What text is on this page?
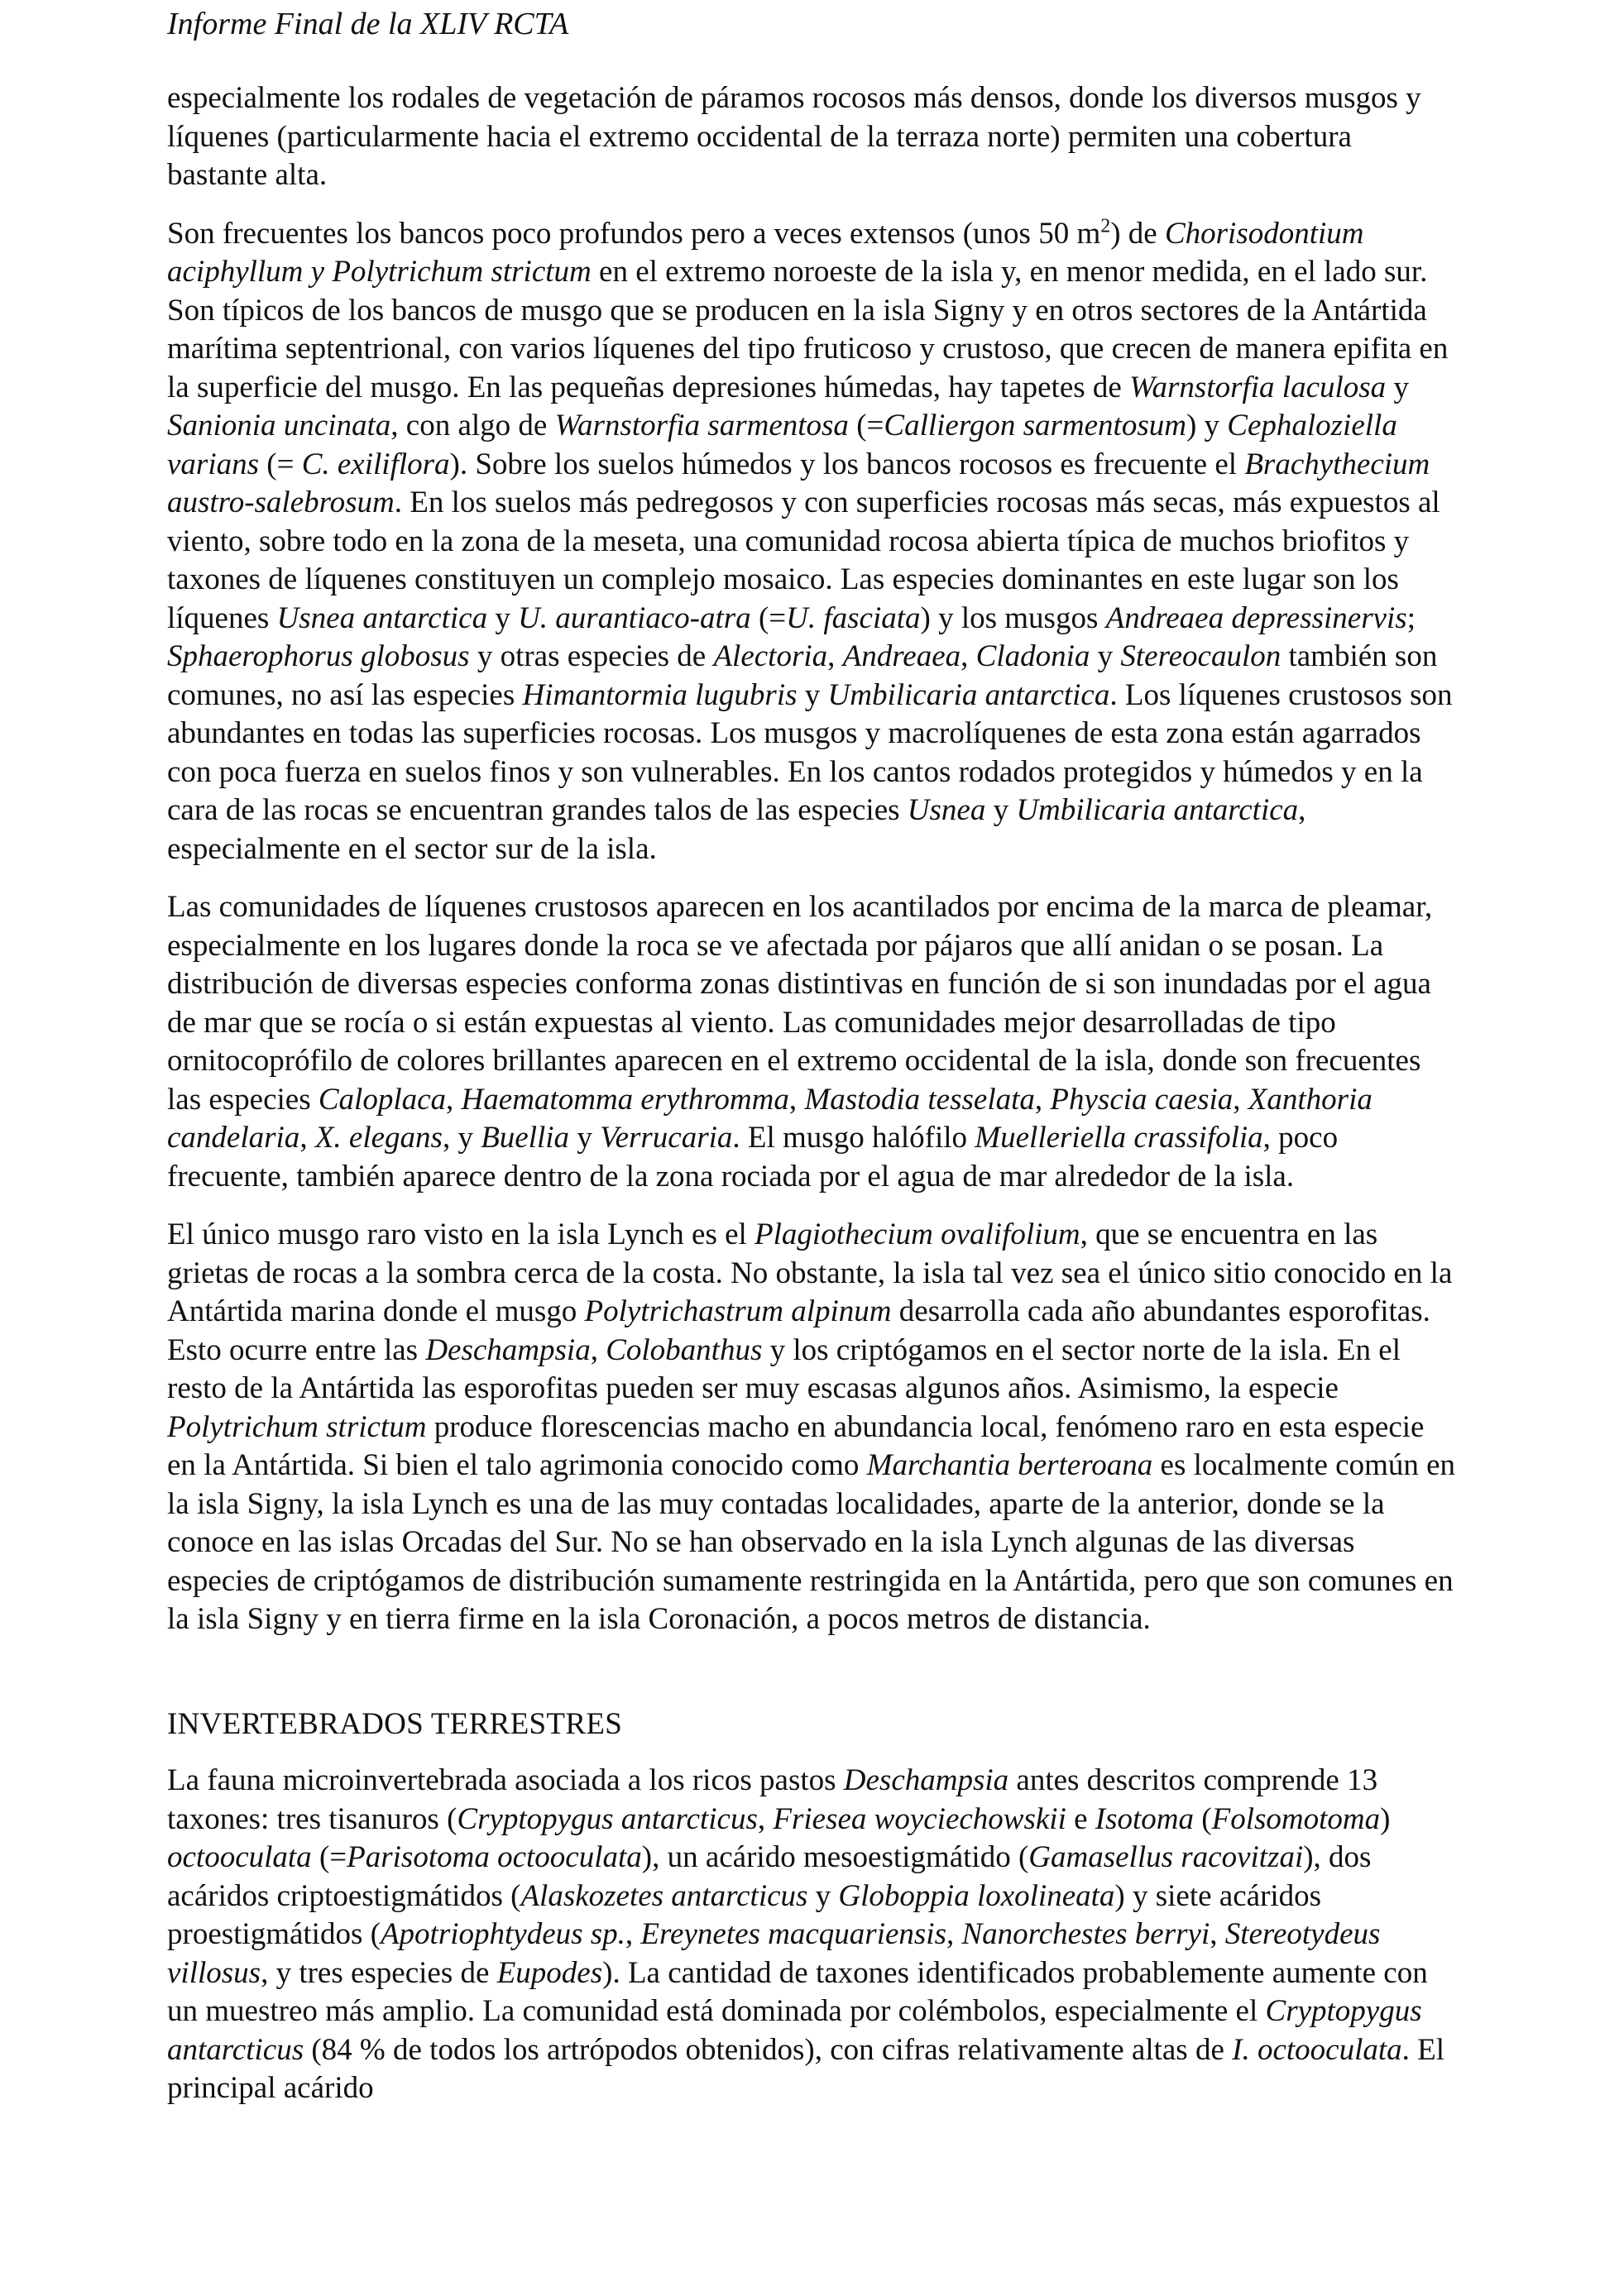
Informe Final de la XLIV RCTA

especialmente los rodales de vegetación de páramos rocosos más densos, donde los diversos musgos y líquenes (particularmente hacia el extremo occidental de la terraza norte) permiten una cobertura bastante alta.

Son frecuentes los bancos poco profundos pero a veces extensos (unos 50 $m^2$) de Chorisodontium aciphyllum y Polytrichum strictum en el extremo noroeste de la isla y, en menor medida, en el lado sur. Son típicos de los bancos de musgo que se producen en la isla Signy y en otros sectores de la Antártida marítima septentrional, con varios líquenes del tipo fruticoso y crustoso, que crecen de manera epifita en la superficie del musgo. En las pequeñas depresiones húmedas, hay tapetes de Warnstorfia laculosa y Sanionia uncinata, con algo de Warnstorfia sarmentosa (=Calliergon sarmentosum) y Cephaloziella varians (= C. exiliflora). Sobre los suelos húmedos y los bancos rocosos es frecuente el Brachythecium austro-salebrosum. En los suelos más pedregosos y con superficies rocosas más secas, más expuestos al viento, sobre todo en la zona de la meseta, una comunidad rocosa abierta típica de muchos briofitos y taxones de líquenes constituyen un complejo mosaico. Las especies dominantes en este lugar son los líquenes Usnea antarctica y U. aurantiaco-atra (=U. fasciata) y los musgos Andreaea depressinervis; Sphaerophorus globosus y otras especies de Alectoria, Andreaea, Cladonia y Stereocaulon también son comunes, no así las especies Himantormia lugubris y Umbilicaria antarctica. Los líquenes crustosos son abundantes en todas las superficies rocosas. Los musgos y macrolíquenes de esta zona están agarrados con poca fuerza en suelos finos y son vulnerables. En los cantos rodados protegidos y húmedos y en la cara de las rocas se encuentran grandes talos de las especies Usnea y Umbilicaria antarctica, especialmente en el sector sur de la isla.

Las comunidades de líquenes crustosos aparecen en los acantilados por encima de la marca de pleamar, especialmente en los lugares donde la roca se ve afectada por pájaros que allí anidan o se posan. La distribución de diversas especies conforma zonas distintivas en función de si son inundadas por el agua de mar que se rocía o si están expuestas al viento. Las comunidades mejor desarrolladas de tipo ornitocoprófilo de colores brillantes aparecen en el extremo occidental de la isla, donde son frecuentes las especies Caloplaca, Haematomma erythromma, Mastodia tesselata, Physcia caesia, Xanthoria candelaria, X. elegans, y Buellia y Verrucaria. El musgo halófilo Muelleriella crassifolia, poco frecuente, también aparece dentro de la zona rociada por el agua de mar alrededor de la isla.

El único musgo raro visto en la isla Lynch es el Plagiothecium ovalifolium, que se encuentra en las grietas de rocas a la sombra cerca de la costa. No obstante, la isla tal vez sea el único sitio conocido en la Antártida marina donde el musgo Polytrichastrum alpinum desarrolla cada año abundantes esporofitas. Esto ocurre entre las Deschampsia, Colobanthus y los criptógamos en el sector norte de la isla. En el resto de la Antártida las esporofitas pueden ser muy escasas algunos años. Asimismo, la especie Polytrichum strictum produce florescencias macho en abundancia local, fenómeno raro en esta especie en la Antártida. Si bien el talo agrimonia conocido como Marchantia berteroana es localmente común en la isla Signy, la isla Lynch es una de las muy contadas localidades, aparte de la anterior, donde se la conoce en las islas Orcadas del Sur. No se han observado en la isla Lynch algunas de las diversas especies de criptógamos de distribución sumamente restringida en la Antártida, pero que son comunes en la isla Signy y en tierra firme en la isla Coronación, a pocos metros de distancia.

INVERTEBRADOS TERRESTRES

La fauna microinvertebrada asociada a los ricos pastos Deschampsia antes descritos comprende 13 taxones: tres tisanuros (Cryptopygus antarcticus, Friesea woyciechowskii e Isotoma (Folsomotoma) octooculata (=Parisotoma octooculata), un acárido mesoestigmátido (Gamasellus racovitzai), dos acáridos criptoestigmátidos (Alaskozetes antarcticus y Globoppia loxolineata) y siete acáridos proestigmátidos (Apotriophtydeus sp., Ereynetes macquariensis, Nanorchestes berryi, Stereotydeus villosus, y tres especies de Eupodes). La cantidad de taxones identificados probablemente aumente con un muestreo más amplio. La comunidad está dominada por colémbolos, especialmente el Cryptopygus antarcticus (84 % de todos los artrópodos obtenidos), con cifras relativamente altas de I. octooculata. El principal acárido
